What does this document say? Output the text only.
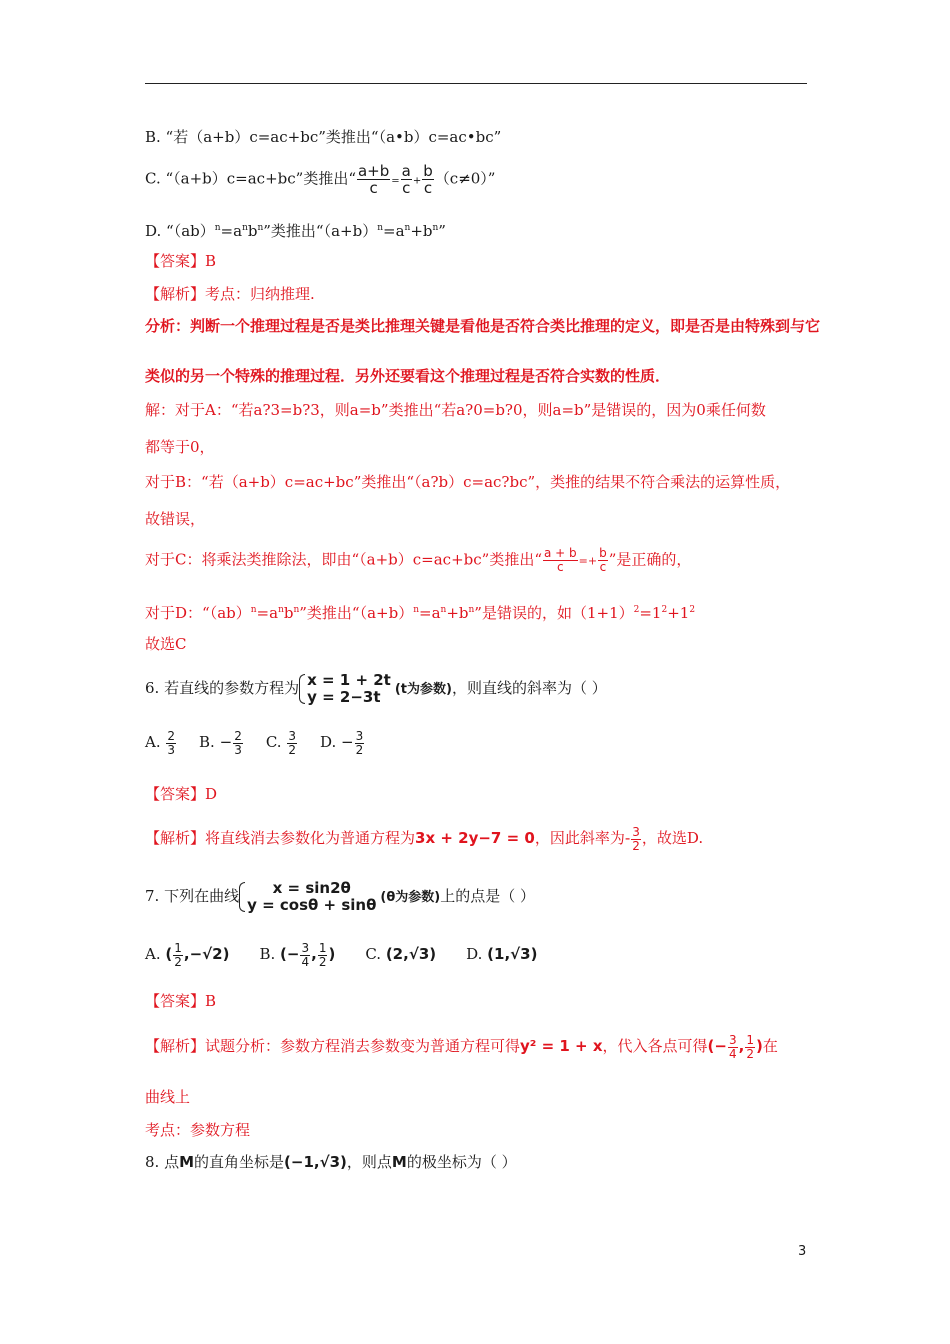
B. “若（a+b）c=ac+bc”类推出“（a•b）c=ac•bc”
C. “（a+b）c=ac+bc”类推出“ $\frac{a+b}{c} = \frac{a}{c} + \frac{b}{c} (c\ne 0)$”
D. “$(ab)^n=a^nb^n$”类推出“$(a+b)^n=a^n+b^n$”
【答案】B
【解析】考点：归纳推理.
分析：判断一个推理过程是否是类比推理关键是看他是否符合类比推理的定义，即是否是由特殊到与它
类似的另一个特殊的推理过程．另外还要看这个推理过程是否符合实数的性质．
解：对于A：“若a?3=b?3，则a=b”类推出“若a?0=b?0，则a=b”是错误的，因为0乘任何数
都等于0，
对于B：“若（a+b）c=ac+bc”类推出“（a?b）c=ac?bc”，类推的结果不符合乘法的运算性质，
故错误，
对于C：将乘法类推除法，即由“（a+b）c=ac+bc”类推出“ $\frac{a + b}{c} =+ \frac{b}{c}$ ”是正确的，
对于D：“$(ab)^n=a^nb^n$”类推出“$(a+b)^n=a^n+b^n$”是错误的，如$(1+1)^2=1^2+1^2$
故选C
6. 若直线的参数方程为 x = 1 + 2t
y = 2−3t	(t为参数)，则直线的斜率为（ ）
A. $\frac{2}{3} B$. − $\frac{2}{3} C$. $\frac{3}{2} D$. − $\frac{3}{2}$
【答案】D
【解析】将直线消去参数化为普通方程为3x + 2y−7 = 0，因此斜率为- $\frac{3}{2}$ ，故选D.
7. 下列在曲线	x = sin2θ
y = cosθ + sinθ (θ为参数)上的点是（ ）
A. ( $\frac{1}{2} ,-√2$) B. (− $\frac{3}{4}$ , $\frac{1}{2}$ ) C. (2,√3) D. (1,√3)
【答案】B
【解析】试题分析：参数方程消去参数变为普通方程可得y² = 1 + x，代入各点可得(− $\frac{3}{4}$ , $\frac{1}{2}$ )在
曲线上
考点：参数方程
8. 点M的直角坐标是(−1,√3)，则点M的极坐标为（ ）
3
